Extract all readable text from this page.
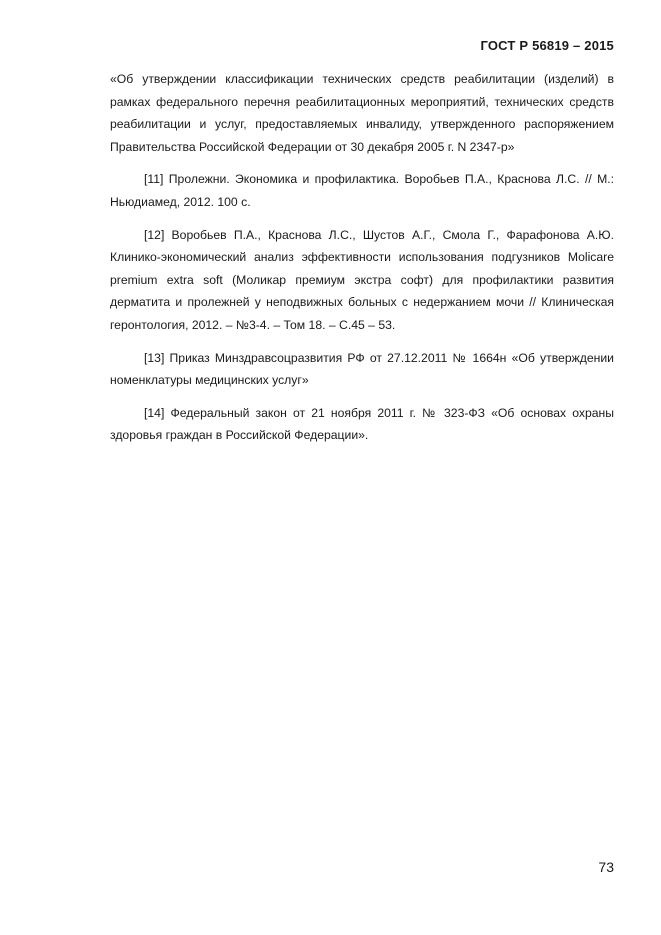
ГОСТ Р 56819 – 2015

«Об утверждении классификации технических средств реабилитации (изделий) в рамках федерального перечня реабилитационных мероприятий, технических средств реабилитации и услуг, предоставляемых инвалиду, утвержденного распоряжением Правительства Российской Федерации от 30 декабря 2005 г. N 2347-р»

[11] Пролежни. Экономика и профилактика. Воробьев П.А., Краснова Л.С. // М.: Ньюдиамед, 2012. 100 с.

[12] Воробьев П.А., Краснова Л.С., Шустов А.Г., Смола Г., Фарафонова А.Ю. Клинико-экономический анализ эффективности использования подгузников Molicare premium extra soft (Моликар премиум экстра софт) для профилактики развития дерматита и пролежней у неподвижных больных с недержанием мочи // Клиническая геронтология, 2012. – №3-4. – Том 18. – С.45 – 53.

[13] Приказ Минздравсоцразвития РФ от 27.12.2011 № 1664н «Об утверждении номенклатуры медицинских услуг»

[14] Федеральный закон от 21 ноября 2011 г. № 323-ФЗ «Об основах охраны здоровья граждан в Российской Федерации».

73
